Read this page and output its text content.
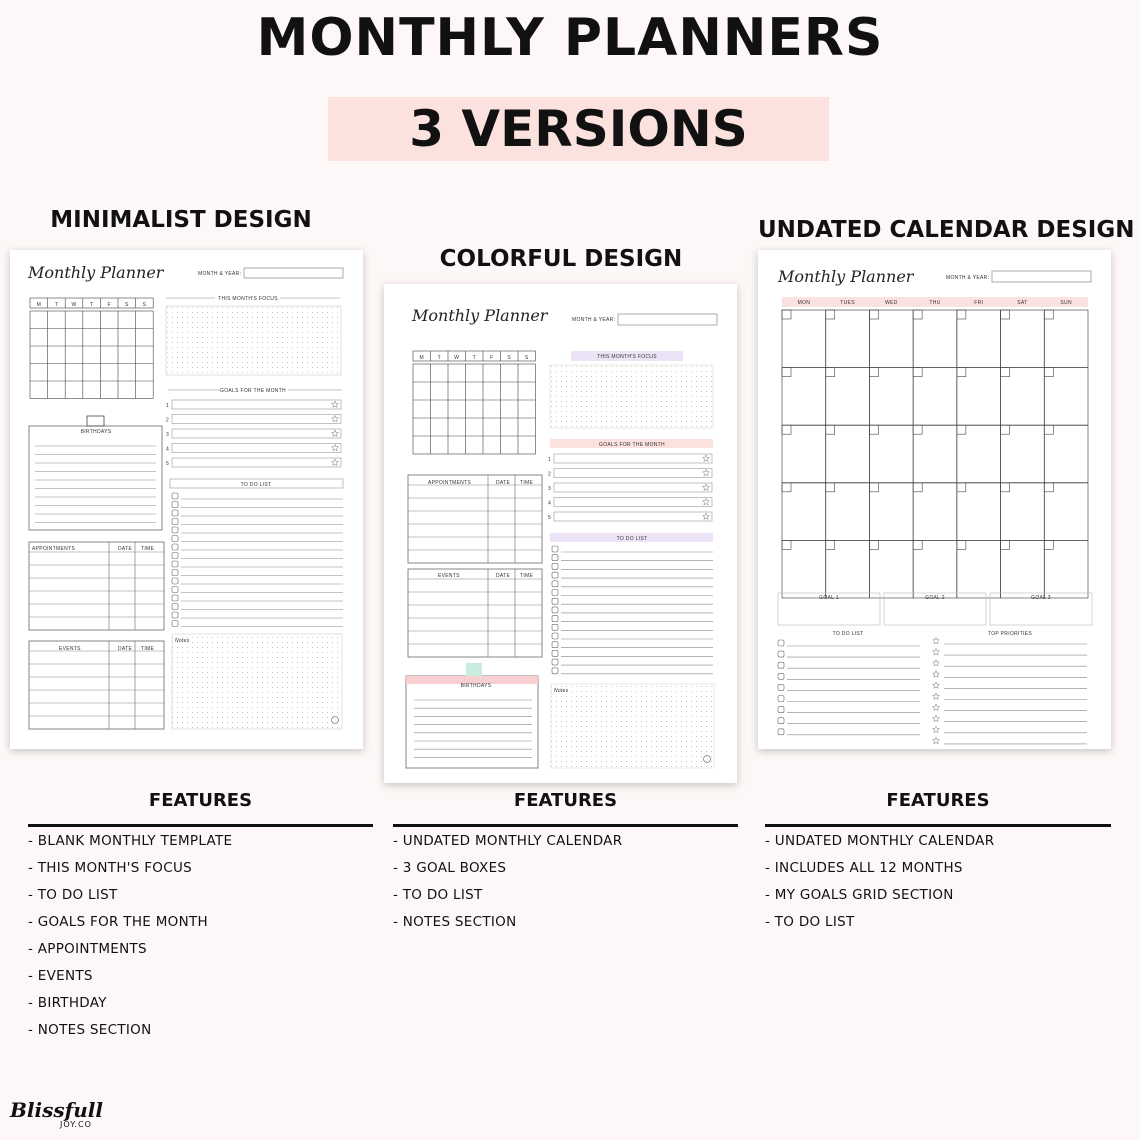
MONTHLY PLANNERS
3 VERSIONS
MINIMALIST DESIGN
COLORFUL DESIGN
UNDATED CALENDAR DESIGN
Monthly Planner	MONTH & YEAR:
M	T	W	T	F	S	S
THIS MONTH'S FOCUS
GOALS FOR THE MONTH
1
2
3
4
5
BIRTHDAYS
TO DO LIST
APPOINTMENTS	DATE TIME
EVENTS	DATE TIME
Notes
Monthly Planner	MONTH & YEAR:
M	T	W	T	F	S	S	THIS MONTH'S FOCUS
GOALS FOR THE MONTH
1
2
3
4
5
TO DO LIST
APPOINTMENTS	DATE TIME
EVENTS	DATE TIME
BIRTHDAYS
Notes
Monthly Planner	MONTH & YEAR:
MON	TUES	WED	THU	FRI	SAT	SUN
GOAL 1	GOAL 2	GOAL 3
TO DO LIST	TOP PRIORITIES
FEATURES
- BLANK MONTHLY TEMPLATE
- THIS MONTH'S FOCUS
- TO DO LIST
- GOALS FOR THE MONTH
- APPOINTMENTS
- EVENTS
- BIRTHDAY
- NOTES SECTION
FEATURES
- UNDATED MONTHLY CALENDAR
- 3 GOAL BOXES
- TO DO LIST
- NOTES SECTION
FEATURES
- UNDATED MONTHLY CALENDAR
- INCLUDES ALL 12 MONTHS
- MY GOALS GRID SECTION
- TO DO LIST
Blissfull
JOY.CO
